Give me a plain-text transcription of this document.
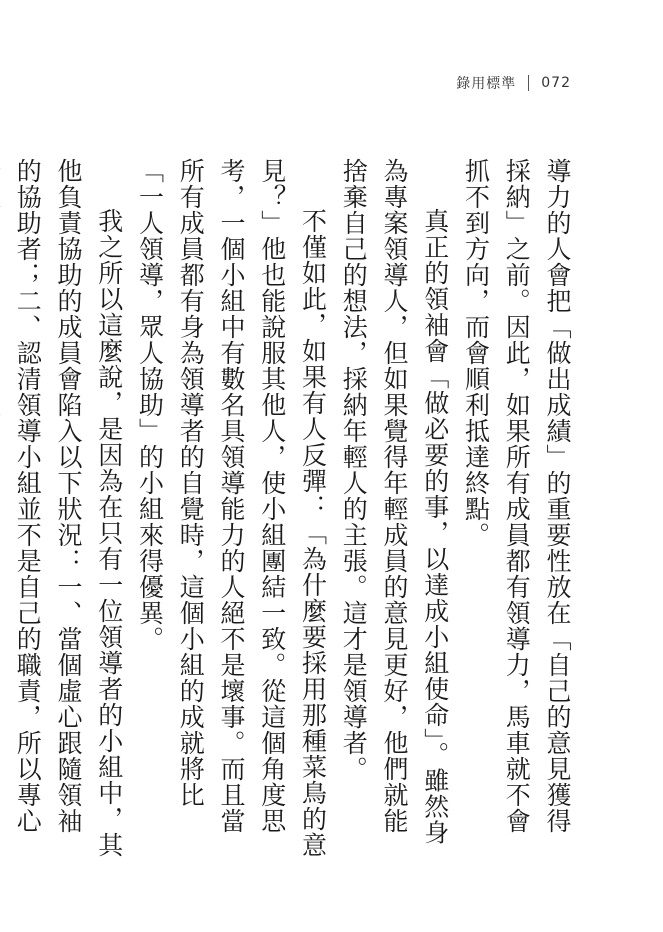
錄用標準 072

導力的人會把「做出成績」的重要性放在「自己的意見獲得採納」之前。因此，如果所有成員都有領導力，馬車就不會抓不到方向，而會順利抵達終點。

真正的領袖會「做必要的事，以達成小組使命」。雖然身為專案領導人，但如果覺得年輕成員的意見更好，他們就能捨棄自己的想法，採納年輕人的主張。這才是領導者。

不僅如此，如果有人反彈：「為什麼要採用那種菜鳥的意見？」他也能說服其他人，使小組團結一致。從這個角度思考，一個小組中有數名具領導能力的人絕不是壞事。而且當所有成員都有身為領導者的自覺時，這個小組的成就將比「一人領導，眾人協助」的小組來得優異。

我之所以這麼說，是因為在只有一位領導者的小組中，其他負責協助的成員會陷入以下狀況：一、當個虛心跟隨領袖的協助者；二、認清領導小組並不是自己的職責，所以專心
